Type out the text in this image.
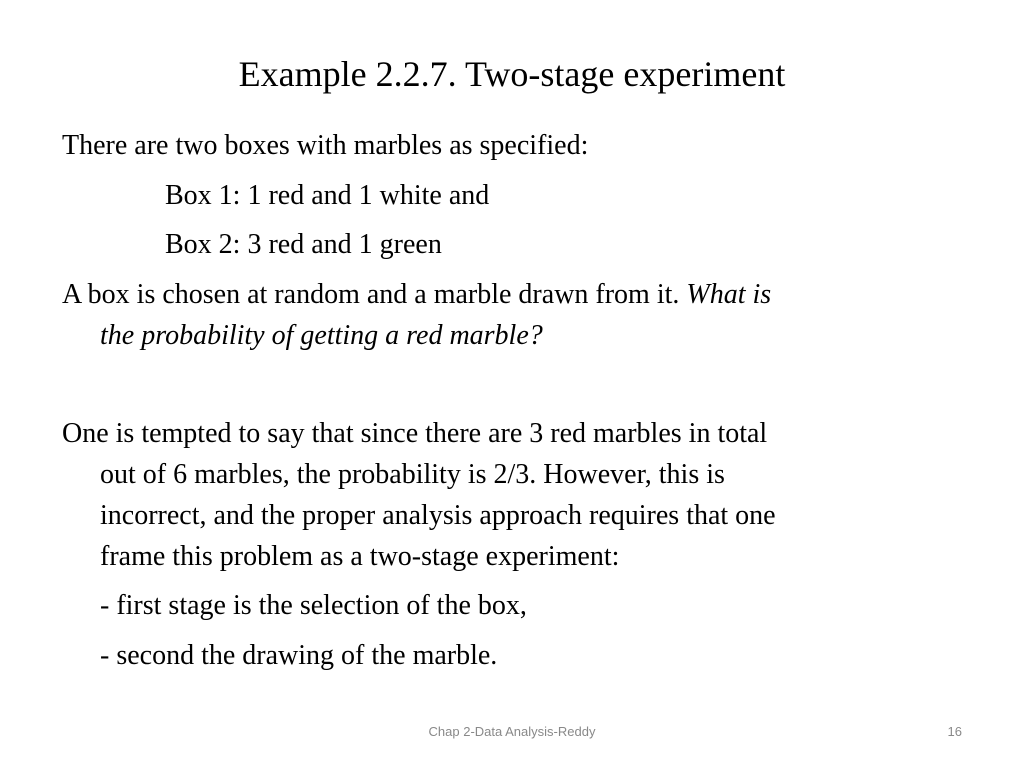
Example 2.2.7. Two-stage experiment
There are two boxes with marbles as specified:
Box 1: 1 red and 1 white and
Box 2: 3 red and 1 green
A box is chosen at random and a marble drawn from it. What is
the probability of getting a red marble?
One is tempted to say that since there are 3 red marbles in total
out of 6 marbles, the probability is 2/3. However, this is
incorrect, and the proper analysis approach requires that one
frame this problem as a two-stage experiment:
- first stage is the selection of the box,
- second the drawing of the marble.
Chap 2-Data Analysis-Reddy	16
